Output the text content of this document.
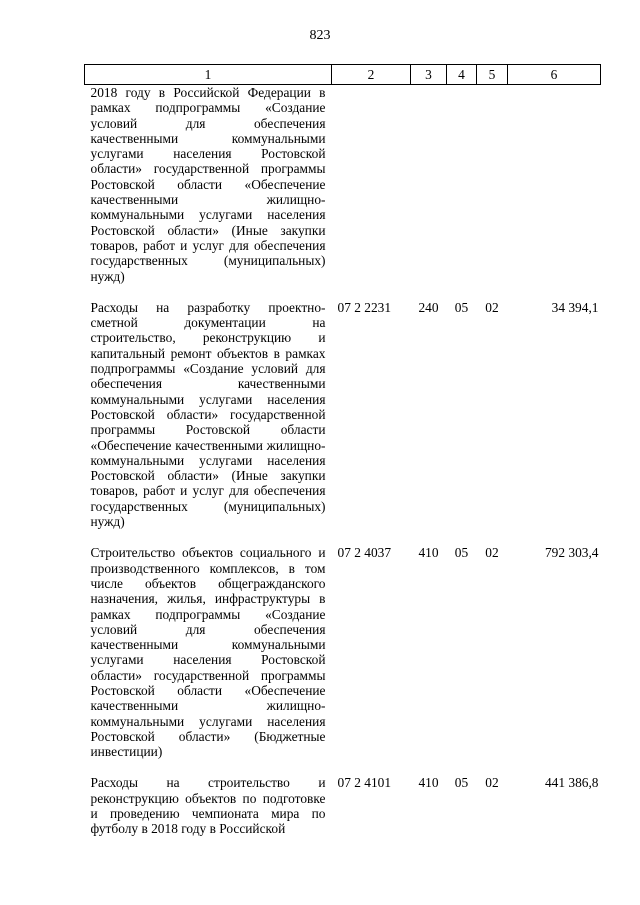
823
1	2	3	4	5	6
2018 году в Российской Федерации в рамках подпрограммы «Создание условий для обеспечения качественными коммунальными услугами населения Ростовской области» государственной программы Ростовской области «Обеспечение качественными жилищно-коммунальными услугами населения Ростовской области» (Иные закупки товаров, работ и услуг для обеспечения государственных (муниципальных) нужд)					
Расходы на разработку проектно-сметной документации на строительство, реконструкцию и капитальный ремонт объектов в рамках подпрограммы «Создание условий для обеспечения качественными коммунальными услугами населения Ростовской области» государственной программы Ростовской области «Обеспечение качественными жилищно-коммунальными услугами населения Ростовской области» (Иные закупки товаров, работ и услуг для обеспечения государственных (муниципальных) нужд)	07 2 2231	240	05	02	34 394,1
Строительство объектов социального и производственного комплексов, в том числе объектов общегражданского назначения, жилья, инфраструктуры в рамках подпрограммы «Создание условий для обеспечения качественными коммунальными услугами населения Ростовской области» государственной программы Ростовской области «Обеспечение качественными жилищно-коммунальными услугами населения Ростовской области» (Бюджетные инвестиции)	07 2 4037	410	05	02	792 303,4
Расходы на строительство и реконструкцию объектов по подготовке и проведению чемпионата мира по футболу в 2018 году в Российской	07 2 4101	410	05	02	441 386,8
